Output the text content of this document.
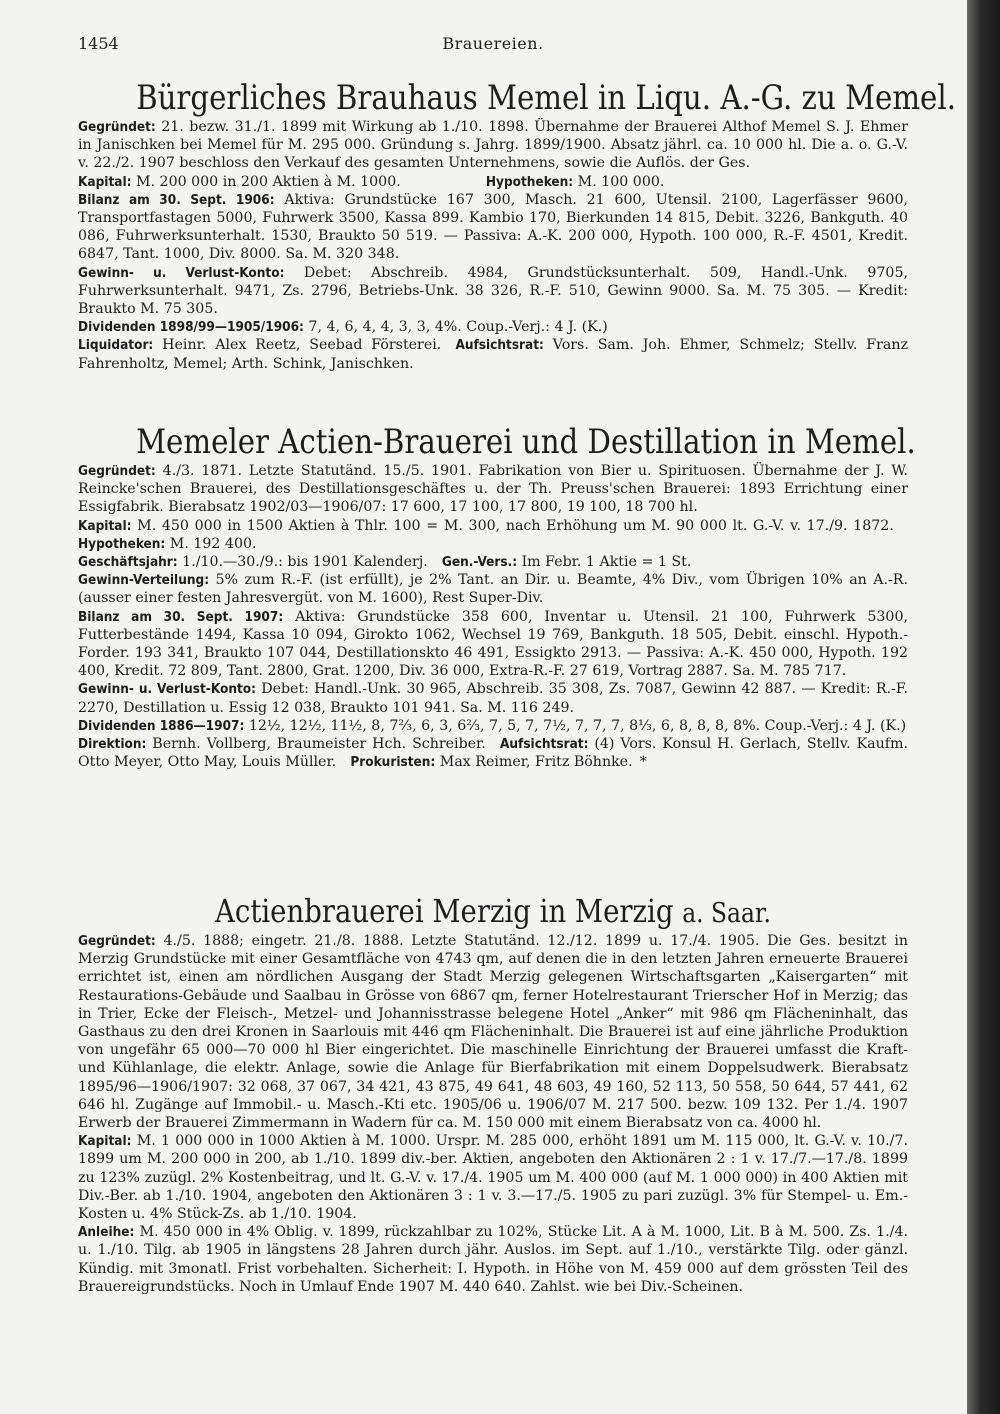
1454	Brauereien.
Bürgerliches Brauhaus Memel in Liqu. A.-G. zu Memel.

Gegründet: 21. bezw. 31./1. 1899 mit Wirkung ab 1./10. 1898. Übernahme der Brauerei Althof Memel S. J. Ehmer in Janischken bei Memel für M. 295 000. Gründung s. Jahrg. 1899/1900. Absatz jährl. ca. 10 000 hl. Die a. o. G.-V. v. 22./2. 1907 beschloss den Verkauf des gesamten Unternehmens, sowie die Auflös. der Ges.

Kapital: M. 200 000 in 200 Aktien à M. 1000.      	Hypotheken: M. 100 000.

Bilanz am 30. Sept. 1906: Aktiva: Grundstücke 167 300, Masch. 21 600, Utensil. 2100, Lagerfässer 9600, Transportfastagen 5000, Fuhrwerk 3500, Kassa 899. Kambio 170, Bierkunden 14 815, Debit. 3226, Bankguth. 40 086, Fuhrwerksunterhalt. 1530, Braukto 50 519. — Passiva: A.-K. 200 000, Hypoth. 100 000, R.-F. 4501, Kredit. 6847, Tant. 1000, Div. 8000. Sa. M. 320 348.

Gewinn- u. Verlust-Konto: Debet: Abschreib. 4984, Grundstücksunterhalt. 509, Handl.-Unk. 9705, Fuhrwerksunterhalt. 9471, Zs. 2796, Betriebs-Unk. 38 326, R.-F. 510, Gewinn 9000. Sa. M. 75 305. — Kredit: Braukto M. 75 305.

Dividenden 1898/99—1905/1906: 7, 4, 6, 4, 4, 3, 3, 4%. Coup.-Verj.: 4 J. (K.)

Liquidator: Heinr. Alex Reetz, Seebad Försterei.  Aufsichtsrat: Vors. Sam. Joh. Ehmer, Schmelz; Stellv. Franz Fahrenholtz, Memel; Arth. Schink, Janischken.

Memeler Actien-Brauerei und Destillation in Memel.

Gegründet: 4./3. 1871. Letzte Statutänd. 15./5. 1901. Fabrikation von Bier u. Spirituosen. Übernahme der J. W. Reincke'schen Brauerei, des Destillationsgeschäftes u. der Th. Preuss'schen Brauerei: 1893 Errichtung einer Essigfabrik. Bierabsatz 1902/03—1906/07: 17 600, 17 100, 17 800, 19 100, 18 700 hl.

Kapital: M. 450 000 in 1500 Aktien à Thlr. 100 = M. 300, nach Erhöhung um M. 90 000 lt. G.-V. v. 17./9. 1872. Hypotheken: M. 192 400.

Geschäftsjahr: 1./10.—30./9.: bis 1901 Kalenderj.  Gen.-Vers.: Im Febr. 1 Aktie = 1 St.

Gewinn-Verteilung: 5% zum R.-F. (ist erfüllt), je 2% Tant. an Dir. u. Beamte, 4% Div., vom Übrigen 10% an A.-R. (ausser einer festen Jahresvergüt. von M. 1600), Rest Super-Div.

Bilanz am 30. Sept. 1907: Aktiva: Grundstücke 358 600, Inventar u. Utensil. 21 100, Fuhrwerk 5300, Futterbestände 1494, Kassa 10 094, Girokto 1062, Wechsel 19 769, Bankguth. 18 505, Debit. einschl. Hypoth.-Forder. 193 341, Braukto 107 044, Destillationskto 46 491, Essigkto 2913. — Passiva: A.-K. 450 000, Hypoth. 192 400, Kredit. 72 809, Tant. 2800, Grat. 1200, Div. 36 000, Extra-R.-F. 27 619, Vortrag 2887. Sa. M. 785 717.

Gewinn- u. Verlust-Konto: Debet: Handl.-Unk. 30 965, Abschreib. 35 308, Zs. 7087, Gewinn 42 887. — Kredit: R.-F. 2270, Destillation u. Essig 12 038, Braukto 101 941. Sa. M. 116 249.

Dividenden 1886—1907: 12½, 12½, 11½, 8, 7⅔, 6, 3, 6⅔, 7, 5, 7, 7½, 7, 7, 7, 8⅓, 6, 8, 8, 8, 8%. Coup.-Verj.: 4 J. (K.)

Direktion: Bernh. Vollberg, Braumeister Hch. Schreiber.  Aufsichtsrat: (4) Vors. Konsul H. Gerlach, Stellv. Kaufm. Otto Meyer, Otto May, Louis Müller.  Prokuristen: Max Reimer, Fritz Böhnke.  *

Actienbrauerei Merzig in Merzig a. Saar.

Gegründet: 4./5. 1888; eingetr. 21./8. 1888. Letzte Statutänd. 12./12. 1899 u. 17./4. 1905. Die Ges. besitzt in Merzig Grundstücke mit einer Gesamtfläche von 4743 qm, auf denen die in den letzten Jahren erneuerte Brauerei errichtet ist, einen am nördlichen Ausgang der Stadt Merzig gelegenen Wirtschaftsgarten „Kaisergarten“ mit Restaurations-Gebäude und Saalbau in Grösse von 6867 qm, ferner Hotelrestaurant Trierscher Hof in Merzig; das in Trier, Ecke der Fleisch-, Metzel- und Johannisstrasse belegene Hotel „Anker“ mit 986 qm Flächeninhalt, das Gasthaus zu den drei Kronen in Saarlouis mit 446 qm Flächeninhalt. Die Brauerei ist auf eine jährliche Produktion von ungefähr 65 000—70 000 hl Bier eingerichtet. Die maschinelle Einrichtung der Brauerei umfasst die Kraft- und Kühlanlage, die elektr. Anlage, sowie die Anlage für Bierfabrikation mit einem Doppelsudwerk. Bierabsatz 1895/96—1906/1907: 32 068, 37 067, 34 421, 43 875, 49 641, 48 603, 49 160, 52 113, 50 558, 50 644, 57 441, 62 646 hl. Zugänge auf Immobil.- u. Masch.-Kti etc. 1905/06 u. 1906/07 M. 217 500. bezw. 109 132. Per 1./4. 1907 Erwerb der Brauerei Zimmermann in Wadern für ca. M. 150 000 mit einem Bierabsatz von ca. 4000 hl.

Kapital: M. 1 000 000 in 1000 Aktien à M. 1000. Urspr. M. 285 000, erhöht 1891 um M. 115 000, lt. G.-V. v. 10./7. 1899 um M. 200 000 in 200, ab 1./10. 1899 div.-ber. Aktien, angeboten den Aktionären 2 : 1 v. 17./7.—17./8. 1899 zu 123% zuzügl. 2% Kostenbeitrag, und lt. G.-V. v. 17./4. 1905 um M. 400 000 (auf M. 1 000 000) in 400 Aktien mit Div.-Ber. ab 1./10. 1904, angeboten den Aktionären 3 : 1 v. 3.—17./5. 1905 zu pari zuzügl. 3% für Stempel- u. Em.-Kosten u. 4% Stück-Zs. ab 1./10. 1904.

Anleihe: M. 450 000 in 4% Oblig. v. 1899, rückzahlbar zu 102%, Stücke Lit. A à M. 1000, Lit. B à M. 500. Zs. 1./4. u. 1./10. Tilg. ab 1905 in längstens 28 Jahren durch jähr. Auslos. im Sept. auf 1./10., verstärkte Tilg. oder gänzl. Kündig. mit 3monatl. Frist vorbehalten. Sicherheit: I. Hypoth. in Höhe von M. 459 000 auf dem grössten Teil des Brauereigrundstücks. Noch in Umlauf Ende 1907 M. 440 640. Zahlst. wie bei Div.-Scheinen.
